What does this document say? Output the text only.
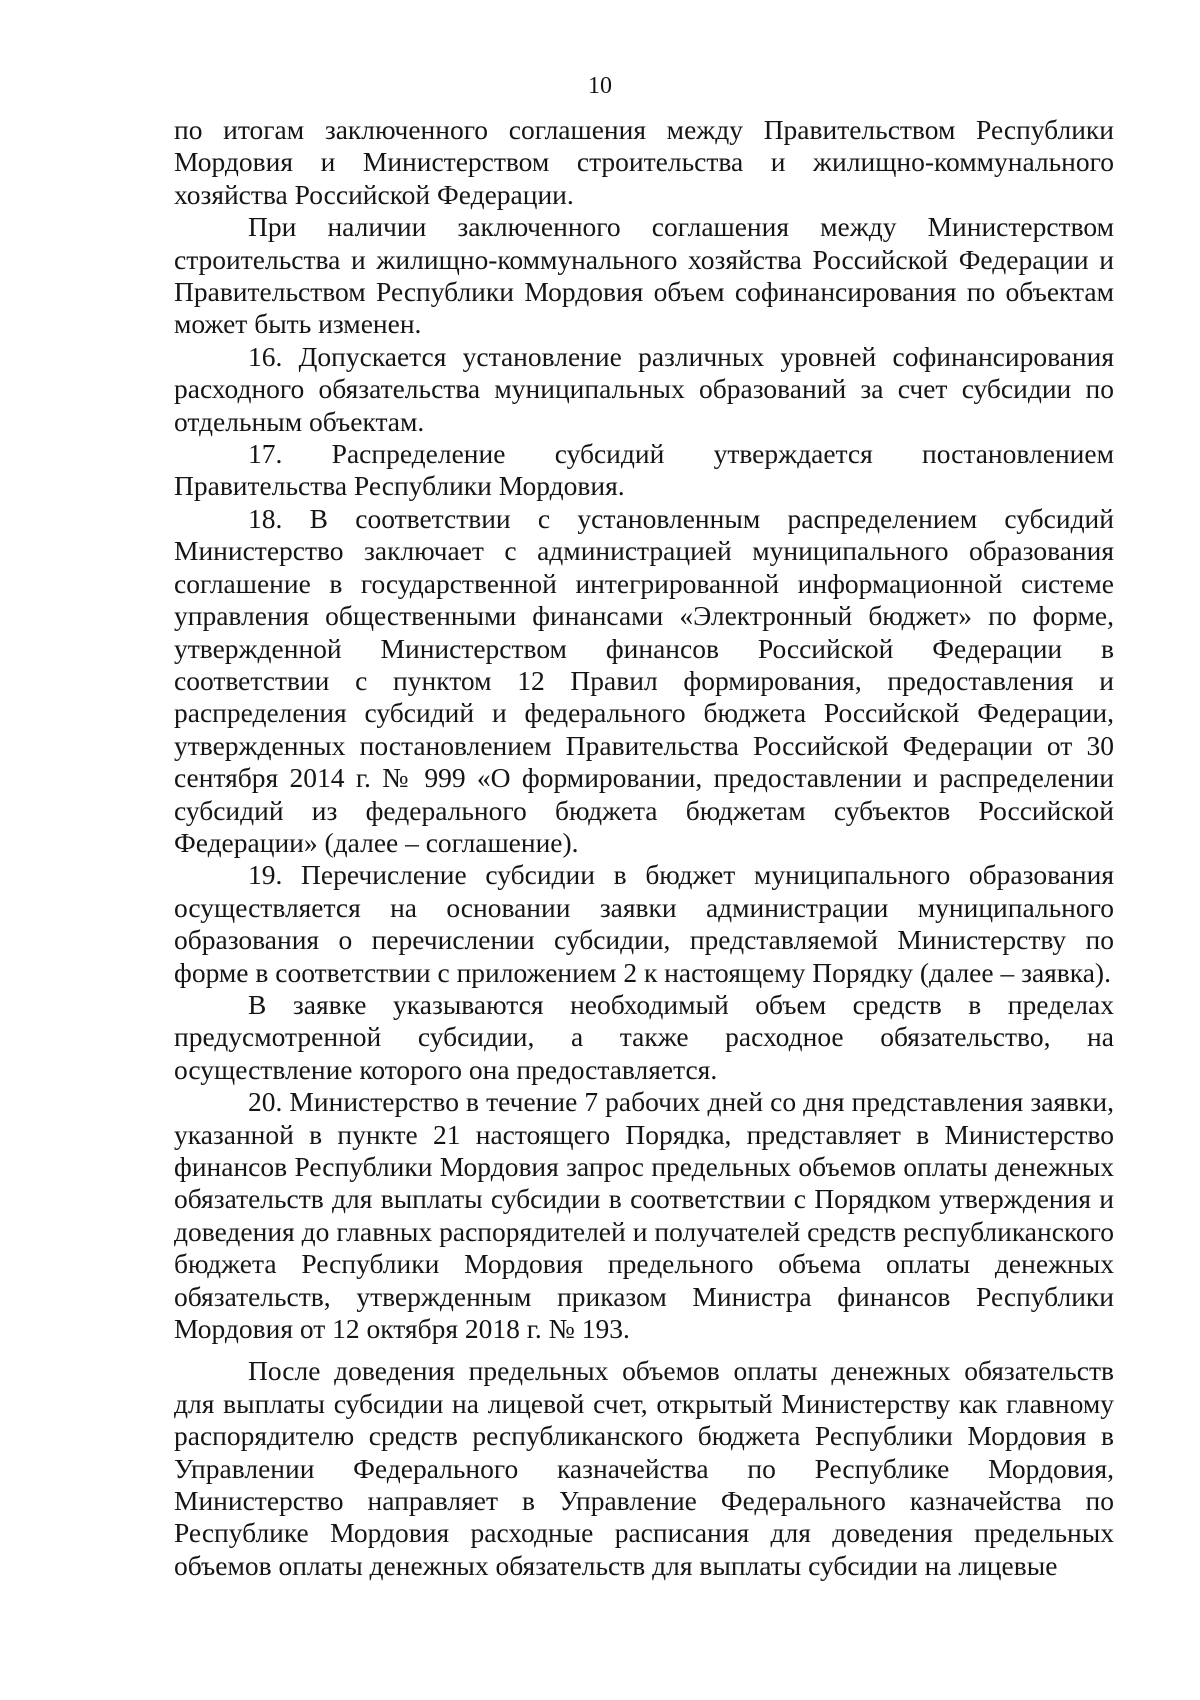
10

по итогам заключенного соглашения между Правительством Республики Мордовия и Министерством строительства и жилищно-коммунального хозяйства Российской Федерации.

При наличии заключенного соглашения между Министерством строительства и жилищно-коммунального хозяйства Российской Федерации и Правительством Республики Мордовия объем софинансирования по объектам может быть изменен.

16. Допускается установление различных уровней софинансирования расходного обязательства муниципальных образований за счет субсидии по отдельным объектам.

17. Распределение субсидий утверждается постановлением Правительства Республики Мордовия.

18. В соответствии с установленным распределением субсидий Министерство заключает с администрацией муниципального образования соглашение в государственной интегрированной информационной системе управления общественными финансами «Электронный бюджет» по форме, утвержденной Министерством финансов Российской Федерации в соответствии с пунктом 12 Правил формирования, предоставления и распределения субсидий и федерального бюджета Российской Федерации, утвержденных постановлением Правительства Российской Федерации от 30 сентября 2014 г. № 999 «О формировании, предоставлении и распределении субсидий из федерального бюджета бюджетам субъектов Российской Федерации» (далее – соглашение).

19. Перечисление субсидии в бюджет муниципального образования осуществляется на основании заявки администрации муниципального образования о перечислении субсидии, представляемой Министерству по форме в соответствии с приложением 2 к настоящему Порядку (далее – заявка).

В заявке указываются необходимый объем средств в пределах предусмотренной субсидии, а также расходное обязательство, на осуществление которого она предоставляется.

20. Министерство в течение 7 рабочих дней со дня представления заявки, указанной в пункте 21 настоящего Порядка, представляет в Министерство финансов Республики Мордовия запрос предельных объемов оплаты денежных обязательств для выплаты субсидии в соответствии с Порядком утверждения и доведения до главных распорядителей и получателей средств республиканского бюджета Республики Мордовия предельного объема оплаты денежных обязательств, утвержденным приказом Министра финансов Республики Мордовия от 12 октября 2018 г. № 193.

После доведения предельных объемов оплаты денежных обязательств для выплаты субсидии на лицевой счет, открытый Министерству как главному распорядителю средств республиканского бюджета Республики Мордовия в Управлении Федерального казначейства по Республике Мордовия, Министерство направляет в Управление Федерального казначейства по Республике Мордовия расходные расписания для доведения предельных объемов оплаты денежных обязательств для выплаты субсидии на лицевые
